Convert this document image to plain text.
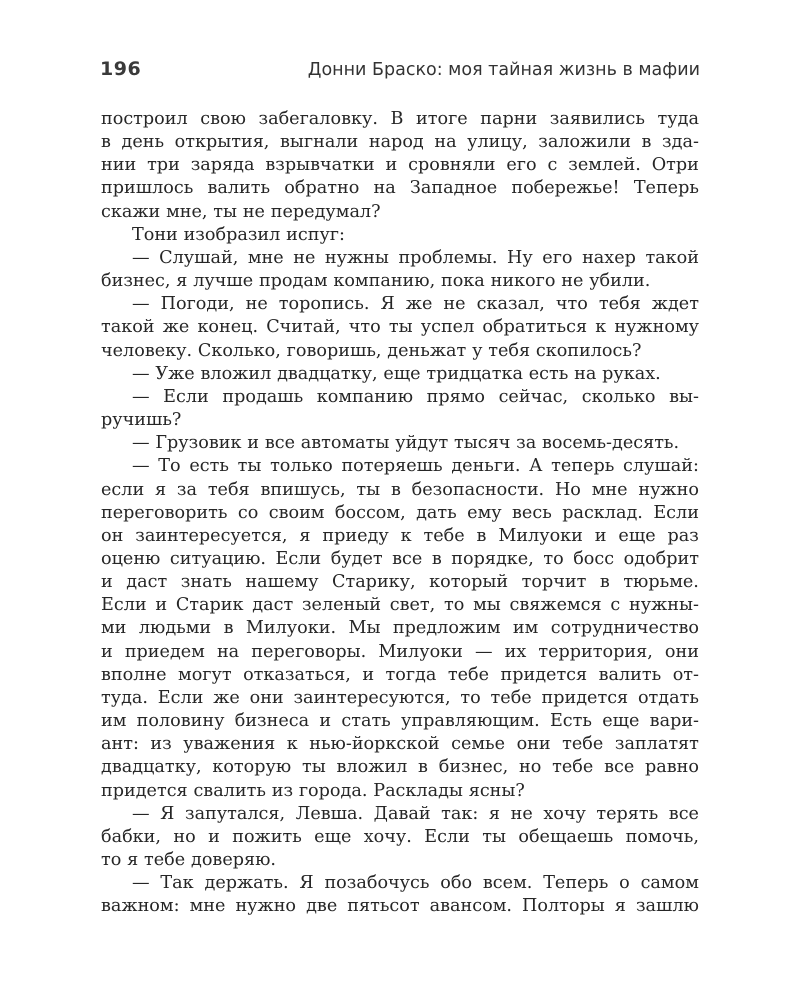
196	Донни Браско: моя тайная жизнь в мафии
построил свою забегаловку. В итоге парни заявились туда
в день открытия, выгнали народ на улицу, заложили в зда-
нии три заряда взрывчатки и сровняли его с землей. Отри
пришлось валить обратно на Западное побережье! Теперь
скажи мне, ты не передумал?
Тони изобразил испуг:
— Слушай, мне не нужны проблемы. Ну его нахер такой
бизнес, я лучше продам компанию, пока никого не убили.
— Погоди, не торопись. Я же не сказал, что тебя ждет
такой же конец. Считай, что ты успел обратиться к нужному
человеку. Сколько, говоришь, деньжат у тебя скопилось?
— Уже вложил двадцатку, еще тридцатка есть на руках.
— Если продашь компанию прямо сейчас, сколько вы-
ручишь?
— Грузовик и все автоматы уйдут тысяч за восемь-десять.
— То есть ты только потеряешь деньги. А теперь слушай:
если я за тебя впишусь, ты в безопасности. Но мне нужно
переговорить со своим боссом, дать ему весь расклад. Если
он заинтересуется, я приеду к тебе в Милуоки и еще раз
оценю ситуацию. Если будет все в порядке, то босс одобрит
и даст знать нашему Старику, который торчит в тюрьме.
Если и Старик даст зеленый свет, то мы свяжемся с нужны-
ми людьми в Милуоки. Мы предложим им сотрудничество
и приедем на переговоры. Милуоки — их территория, они
вполне могут отказаться, и тогда тебе придется валить от-
туда. Если же они заинтересуются, то тебе придется отдать
им половину бизнеса и стать управляющим. Есть еще вари-
ант: из уважения к нью-йоркской семье они тебе заплатят
двадцатку, которую ты вложил в бизнес, но тебе все равно
придется свалить из города. Расклады ясны?
— Я запутался, Левша. Давай так: я не хочу терять все
бабки, но и пожить еще хочу. Если ты обещаешь помочь,
то я тебе доверяю.
— Так держать. Я позабочусь обо всем. Теперь о самом
важном: мне нужно две пятьсот авансом. Полторы я зашлю
